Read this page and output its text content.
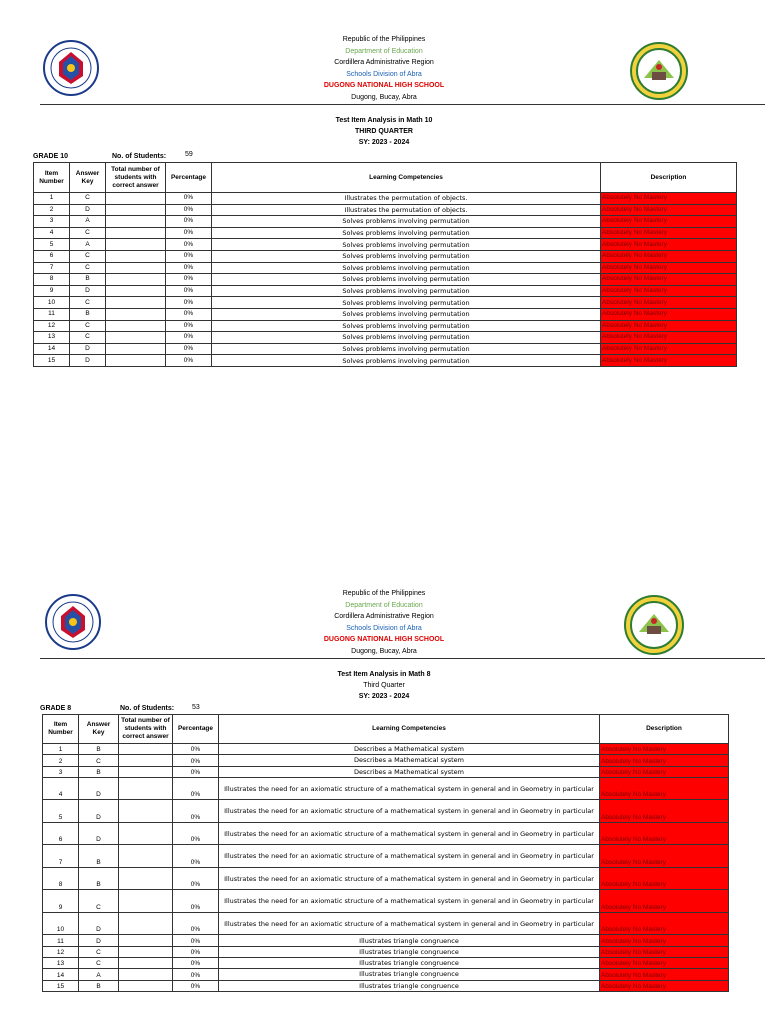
Republic of the Philippines
Department of Education
Cordillera Administrative Region
Schools Division of Abra
DUGONG NATIONAL HIGH SCHOOL
Dugong, Bucay, Abra
Test Item Analysis in Math 10
THIRD QUARTER
SY: 2023 - 2024
GRADE 10	No. of Students:	59
Item Number	Answer Key	Total number of students with correct answer	Percentage	Learning Competencies	Description
1	C		0%	Illustrates the permutation of objects.	Absolutely No Mastery
2	D		0%	Illustrates the permutation of objects.	Absolutely No Mastery
3	A		0%	Solves problems involving permutation	Absolutely No Mastery
4	C		0%	Solves problems involving permutation	Absolutely No Mastery
5	A		0%	Solves problems involving permutation	Absolutely No Mastery
6	C		0%	Solves problems involving permutation	Absolutely No Mastery
7	C		0%	Solves problems involving permutation	Absolutely No Mastery
8	B		0%	Solves problems involving permutation	Absolutely No Mastery
9	D		0%	Solves problems involving permutation	Absolutely No Mastery
10	C		0%	Solves problems involving permutation	Absolutely No Mastery
11	B		0%	Solves problems involving permutation	Absolutely No Mastery
12	C		0%	Solves problems involving permutation	Absolutely No Mastery
13	C		0%	Solves problems involving permutation	Absolutely No Mastery
14	D		0%	Solves problems involving permutation	Absolutely No Mastery
15	D		0%	Solves problems involving permutation	Absolutely No Mastery
Republic of the Philippines
Department of Education
Cordillera Administrative Region
Schools Division of Abra
DUGONG NATIONAL HIGH SCHOOL
Dugong, Bucay, Abra
Test Item Analysis in Math 8
Third Quarter
SY: 2023 - 2024
GRADE 8	No. of Students:	53
Item Number	Answer Key	Total number of students with correct answer	Percentage	Learning Competencies	Description
1	B		0%	Describes a Mathematical system	Absolutely No Mastery
2	C		0%	Describes a Mathematical system	Absolutely No Mastery
3	B		0%	Describes a Mathematical system	Absolutely No Mastery
4	D		0%	Illustrates the need for an axiomatic structure of a mathematical system in general and in Geometry in particular	Absolutely No Mastery
5	D		0%	Illustrates the need for an axiomatic structure of a mathematical system in general and in Geometry in particular	Absolutely No Mastery
6	D		0%	Illustrates the need for an axiomatic structure of a mathematical system in general and in Geometry in particular	Absolutely No Mastery
7	B		0%	Illustrates the need for an axiomatic structure of a mathematical system in general and in Geometry in particular	Absolutely No Mastery
8	B		0%	Illustrates the need for an axiomatic structure of a mathematical system in general and in Geometry in particular	Absolutely No Mastery
9	C		0%	Illustrates the need for an axiomatic structure of a mathematical system in general and in Geometry in particular	Absolutely No Mastery
10	D		0%	Illustrates the need for an axiomatic structure of a mathematical system in general and in Geometry in particular	Absolutely No Mastery
11	D		0%	Illustrates triangle congruence	Absolutely No Mastery
12	C		0%	Illustrates triangle congruence	Absolutely No Mastery
13	C		0%	Illustrates triangle congruence	Absolutely No Mastery
14	A		0%	Illustrates triangle congruence	Absolutely No Mastery
15	B		0%	Illustrates triangle congruence	Absolutely No Mastery
